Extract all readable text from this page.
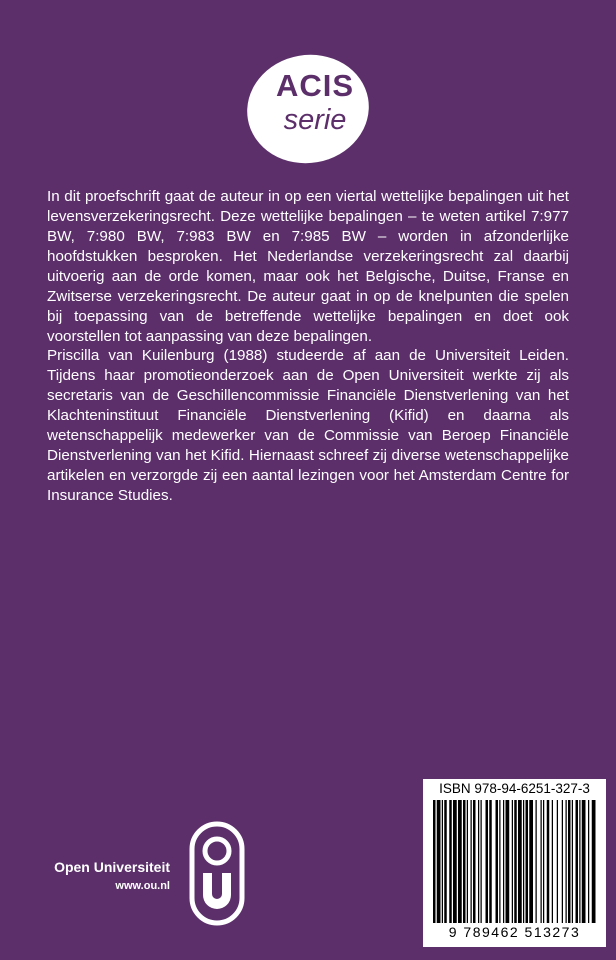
ACIS
serie

In dit proefschrift gaat de auteur in op een viertal wettelijke bepalingen uit het levensverzekeringsrecht. Deze wettelijke bepalingen – te weten artikel 7:977 BW, 7:980 BW, 7:983 BW en 7:985 BW – worden in afzonderlijke hoofdstukken besproken. Het Nederlandse verzekeringsrecht zal daarbij uitvoerig aan de orde komen, maar ook het Belgische, Duitse, Franse en Zwitserse verzekeringsrecht. De auteur gaat in op de knelpunten die spelen bij toepassing van de betreffende wettelijke bepalingen en doet ook voorstellen tot aanpassing van deze bepalingen.

Priscilla van Kuilenburg (1988) studeerde af aan de Universiteit Leiden. Tijdens haar promotieonderzoek aan de Open Universiteit werkte zij als secretaris van de Geschillencommissie Financiële Dienstverlening van het Klachteninstituut Financiële Dienstverlening (Kifid) en daarna als wetenschappelijk medewerker van de Commissie van Beroep Financiële Dienstverlening van het Kifid. Hiernaast schreef zij diverse wetenschappelijke artikelen en verzorgde zij een aantal lezingen voor het Amsterdam Centre for Insurance Studies.

Open Universiteit
www.ou.nl
ISBN 978-94-6251-327-3
9 789462 513273
